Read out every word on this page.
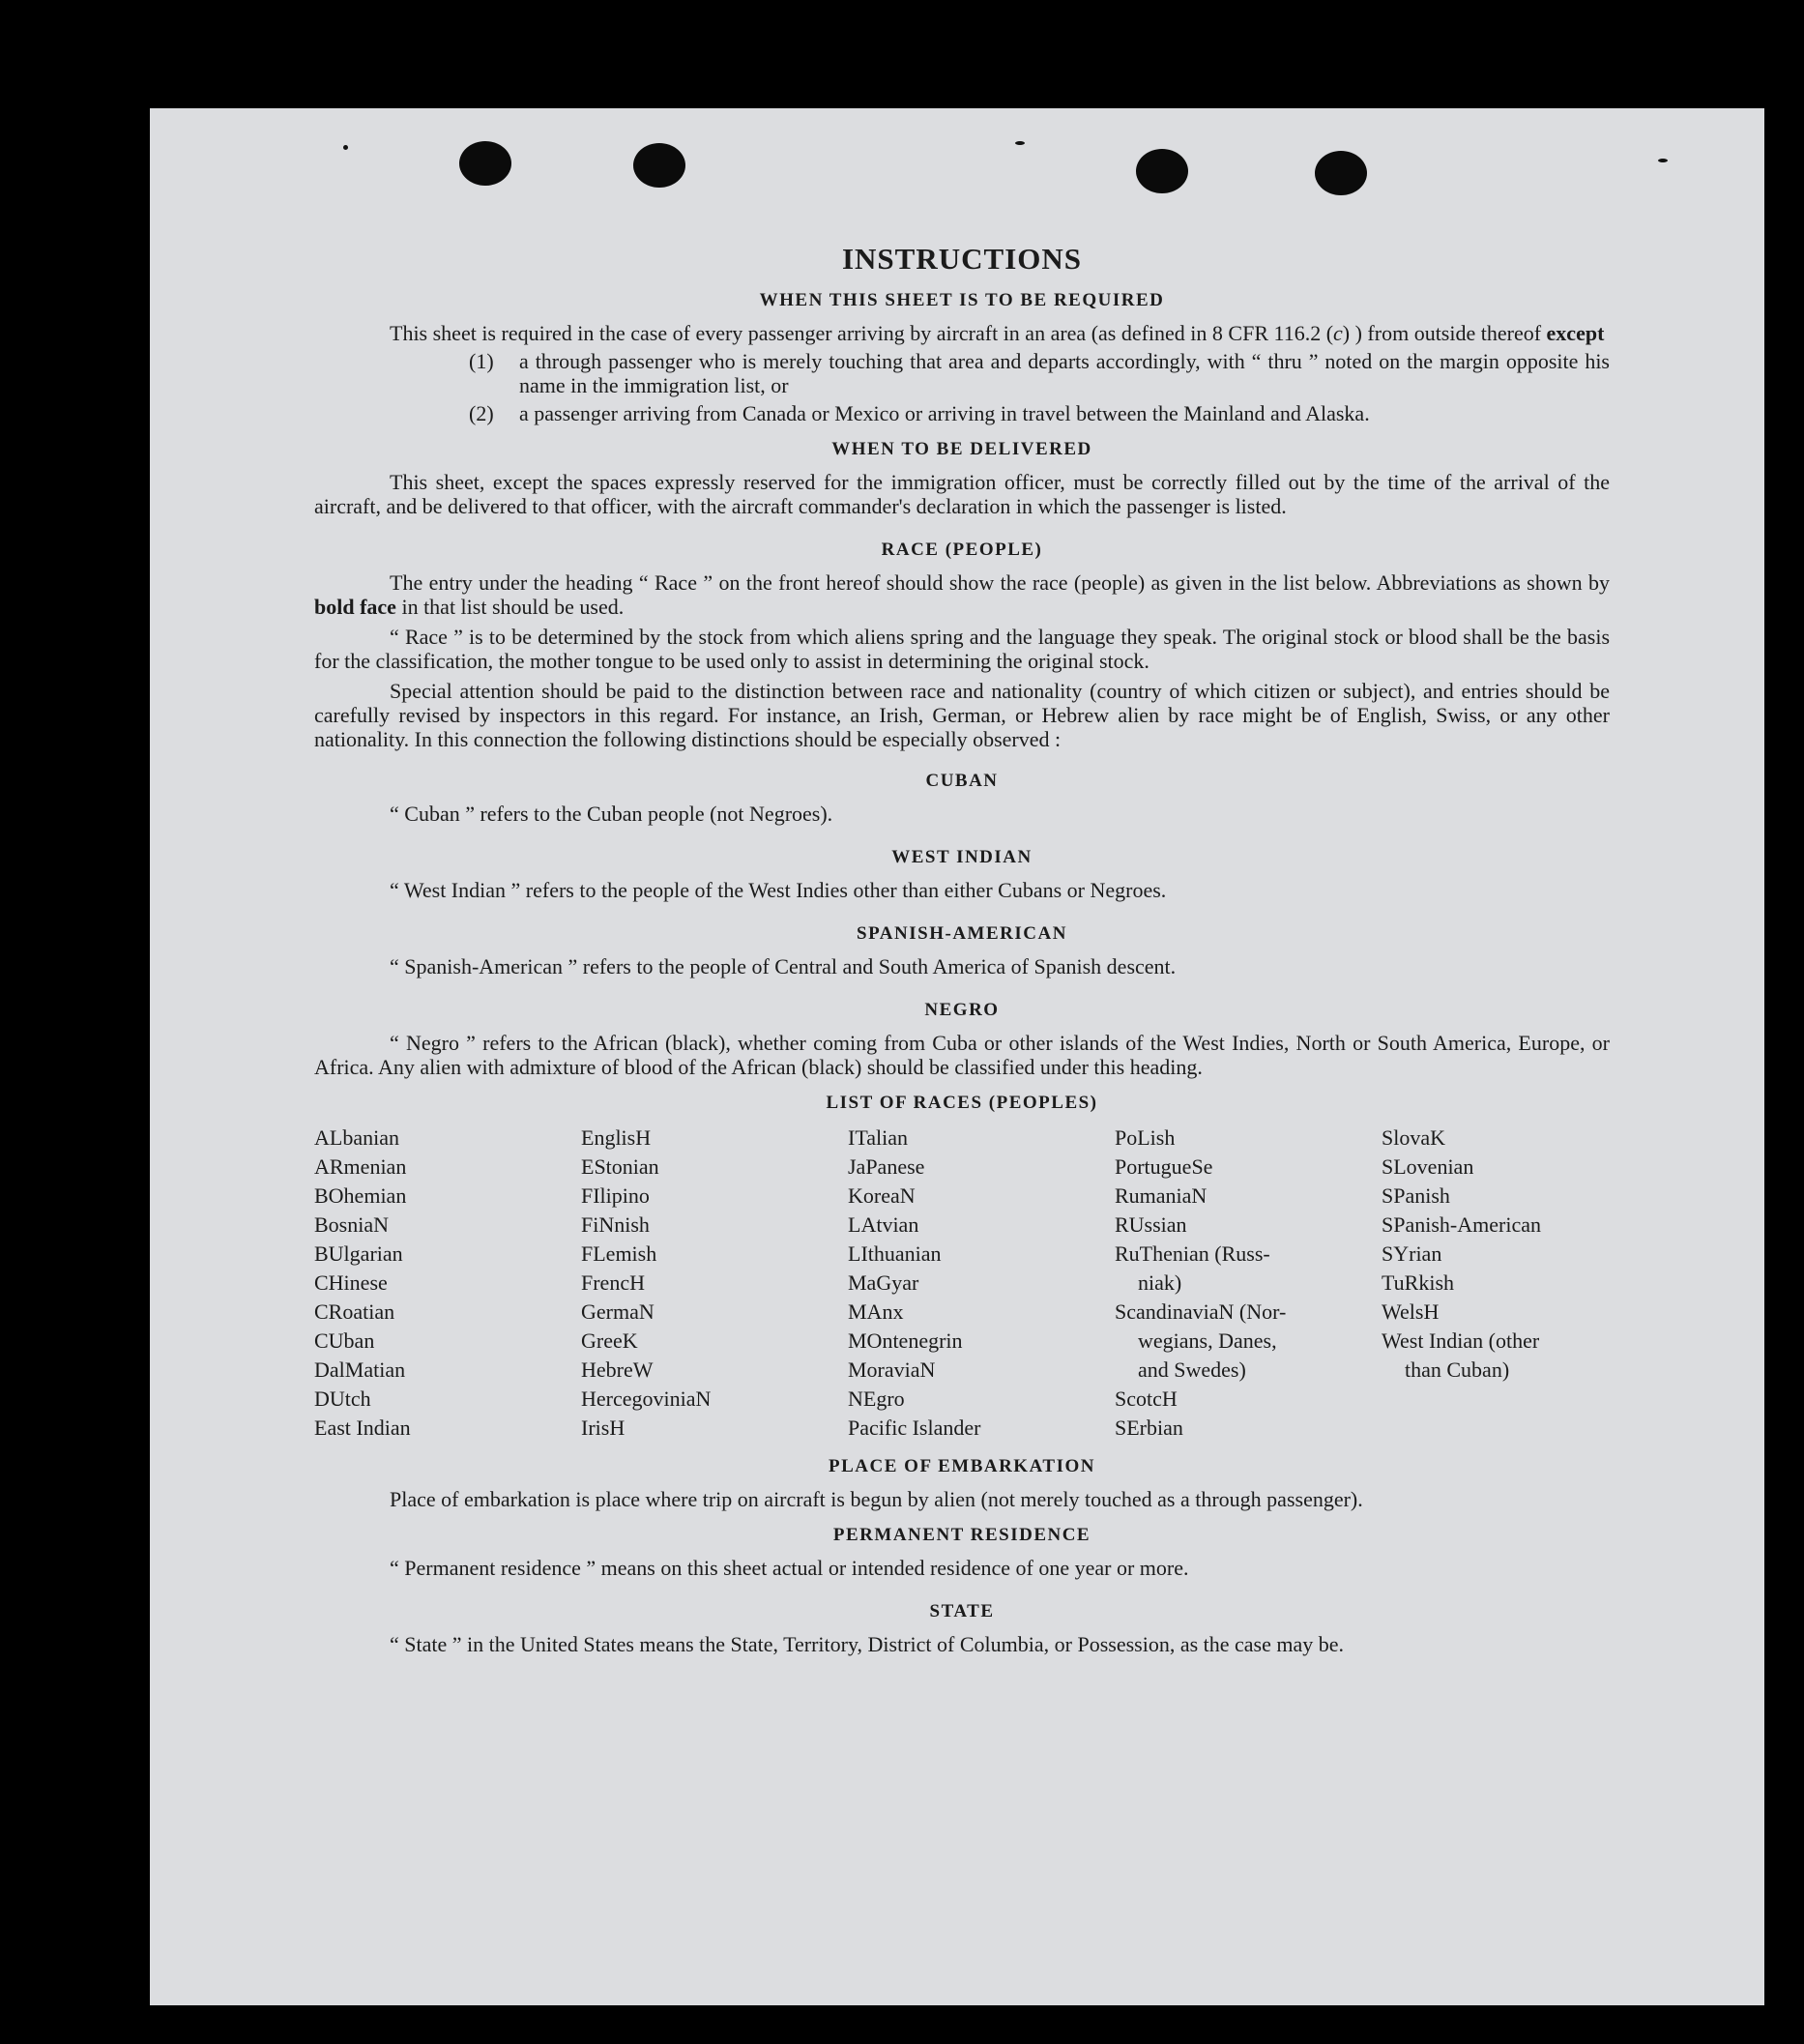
INSTRUCTIONS
WHEN THIS SHEET IS TO BE REQUIRED

This sheet is required in the case of every passenger arriving by aircraft in an area (as defined in 8 CFR 116.2 (c) ) from outside thereof except

(1)	a through passenger who is merely touching that area and departs accordingly, with “ thru ” noted on the margin opposite his name in the immigration list, or
(2)	a passenger arriving from Canada or Mexico or arriving in travel between the Mainland and Alaska.
WHEN TO BE DELIVERED

This sheet, except the spaces expressly reserved for the immigration officer, must be correctly filled out by the time of the arrival of the aircraft, and be delivered to that officer, with the aircraft commander's declaration in which the passenger is listed.

RACE (PEOPLE)

The entry under the heading “ Race ” on the front hereof should show the race (people) as given in the list below. Abbreviations as shown by bold face in that list should be used.

“ Race ” is to be determined by the stock from which aliens spring and the language they speak. The original stock or blood shall be the basis for the classification, the mother tongue to be used only to assist in determining the original stock.

Special attention should be paid to the distinction between race and nationality (country of which citizen or subject), and entries should be carefully revised by inspectors in this regard. For instance, an Irish, German, or Hebrew alien by race might be of English, Swiss, or any other nationality. In this connection the following distinctions should be especially observed :

CUBAN

“ Cuban ” refers to the Cuban people (not Negroes).

WEST INDIAN

“ West Indian ” refers to the people of the West Indies other than either Cubans or Negroes.

SPANISH-AMERICAN

“ Spanish-American ” refers to the people of Central and South America of Spanish descent.

NEGRO

“ Negro ” refers to the African (black), whether coming from Cuba or other islands of the West Indies, North or South America, Europe, or Africa. Any alien with admixture of blood of the African (black) should be classified under this heading.

LIST OF RACES (PEOPLES)
ALbanian
ARmenian
BOhemian
BosniaN
BUlgarian
CHinese
CRoatian
CUban
DalMatian
DUtch
East Indian
EnglisH
EStonian
FIlipino
FiNnish
FLemish
FrencH
GermaN
GreeK
HebreW
HercegovinіaN
IrisH
ITalian
JaPanese
KoreaN
LAtvian
LIthuanian
MaGyar
MAnx
MOntenegrin
MoraviaN
NEgro
Pacific Islander
PoLish
PortugueSe
RumaniaN
RUssian
RuThenian (Russ-
niak)
ScandinaviaN (Nor-
wegians, Danes,
and Swedes)
ScotcH
SErbian
SlovaK
SLovenian
SPanish
SPanish-American
SYrian
TuRkish
WelsH
West Indian (other
than Cuban)
PLACE OF EMBARKATION

Place of embarkation is place where trip on aircraft is begun by alien (not merely touched as a through passenger).

PERMANENT RESIDENCE

“ Permanent residence ” means on this sheet actual or intended residence of one year or more.

STATE

“ State ” in the United States means the State, Territory, District of Columbia, or Possession, as the case may be.
